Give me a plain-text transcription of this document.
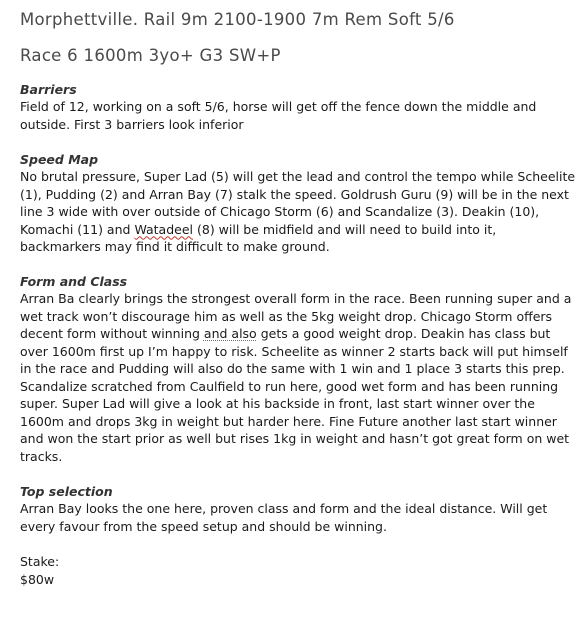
Morphettville. Rail 9m 2100-1900 7m Rem Soft 5/6
Race 6 1600m 3yo+ G3 SW+P
Barriers
Field of 12, working on a soft 5/6, horse will get off the fence down the middle and
outside. First 3 barriers look inferior
Speed Map
No brutal pressure, Super Lad (5) will get the lead and control the tempo while Scheelite
(1), Pudding (2) and Arran Bay (7) stalk the speed. Goldrush Guru (9) will be in the next
line 3 wide with over outside of Chicago Storm (6) and Scandalize (3). Deakin (10),
Komachi (11) and Watadeel (8) will be midfield and will need to build into it,
backmarkers may find it difficult to make ground.
Form and Class
Arran Ba clearly brings the strongest overall form in the race. Been running super and a
wet track won’t discourage him as well as the 5kg weight drop. Chicago Storm offers
decent form without winning and also gets a good weight drop. Deakin has class but
over 1600m first up I’m happy to risk. Scheelite as winner 2 starts back will put himself
in the race and Pudding will also do the same with 1 win and 1 place 3 starts this prep.
Scandalize scratched from Caulfield to run here, good wet form and has been running
super. Super Lad will give a look at his backside in front, last start winner over the
1600m and drops 3kg in weight but harder here. Fine Future another last start winner
and won the start prior as well but rises 1kg in weight and hasn’t got great form on wet
tracks.
Top selection
Arran Bay looks the one here, proven class and form and the ideal distance. Will get
every favour from the speed setup and should be winning.
Stake:
$80w
